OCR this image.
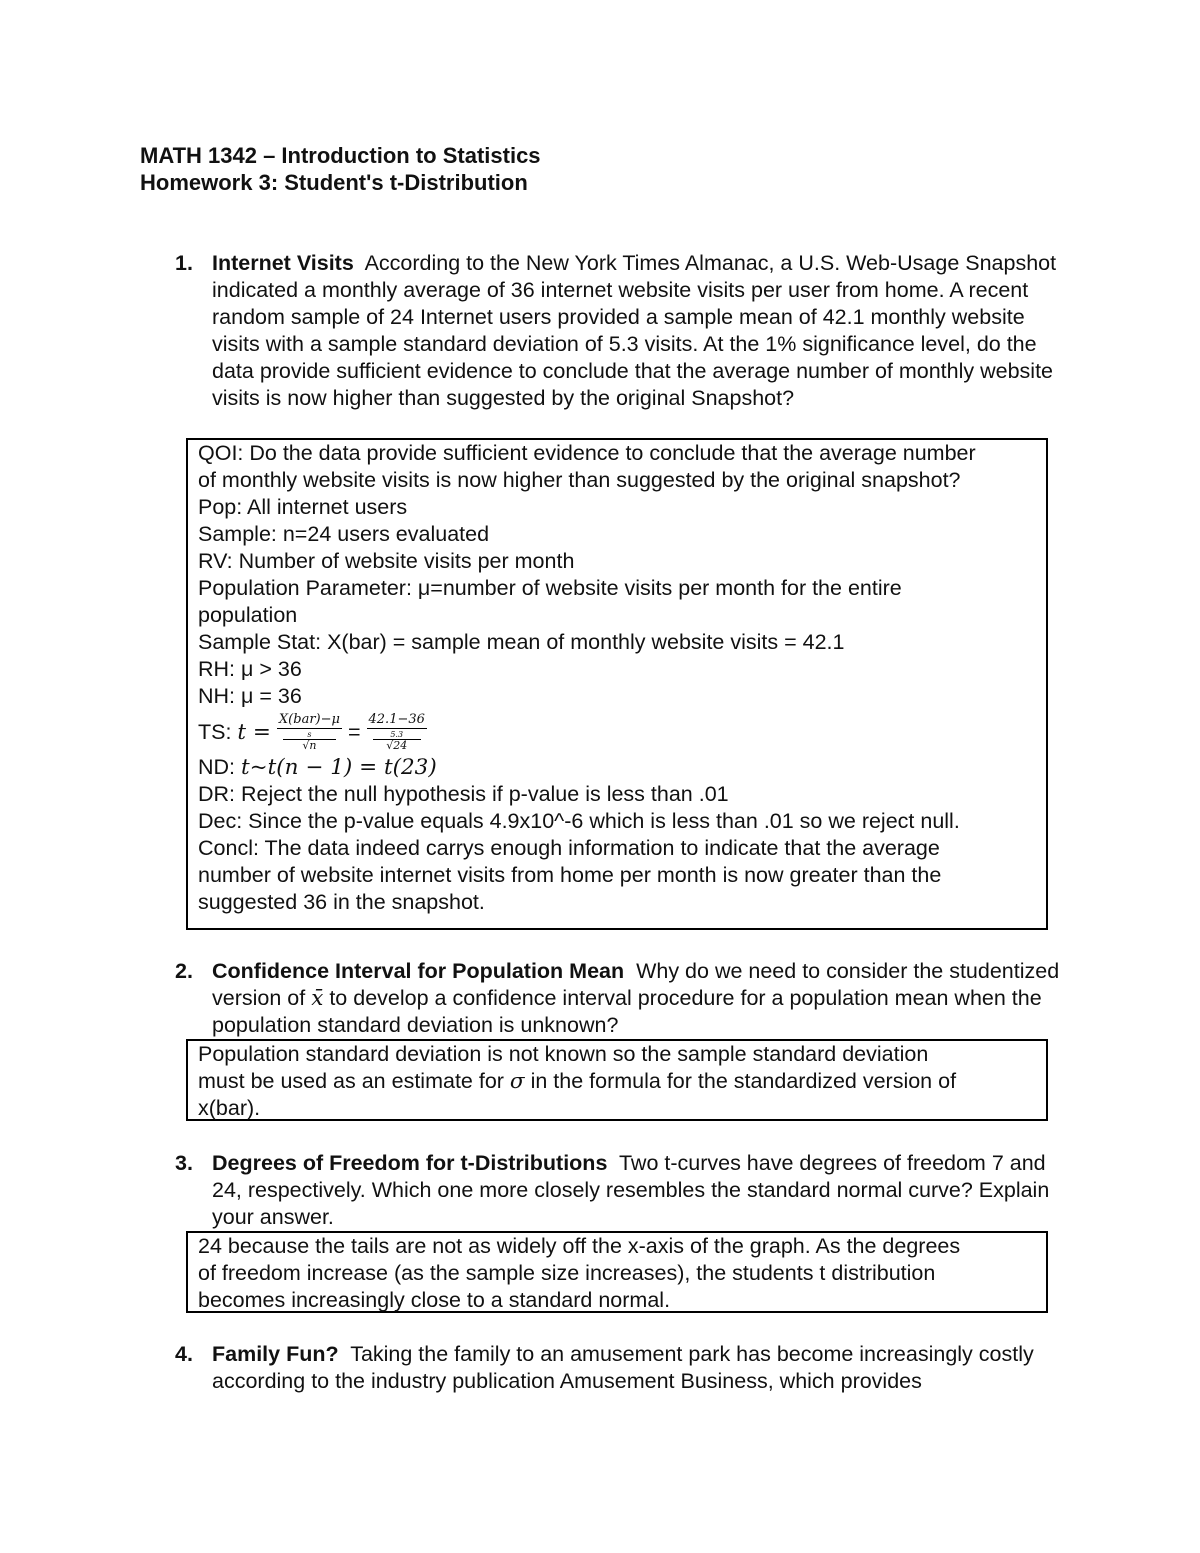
MATH 1342 – Introduction to Statistics
Homework 3: Student's t-Distribution
1. Internet Visits According to the New York Times Almanac, a U.S. Web-Usage Snapshot indicated a monthly average of 36 internet website visits per user from home. A recent random sample of 24 Internet users provided a sample mean of 42.1 monthly website visits with a sample standard deviation of 5.3 visits. At the 1% significance level, do the data provide sufficient evidence to conclude that the average number of monthly website visits is now higher than suggested by the original Snapshot?
QOI: Do the data provide sufficient evidence to conclude that the average number
of monthly website visits is now higher than suggested by the original snapshot?
Pop: All internet users
Sample: n=24 users evaluated
RV: Number of website visits per month
Population Parameter: μ=number of website visits per month for the entire
population
Sample Stat: X(bar) = sample mean of monthly website visits = 42.1
RH: μ > 36
NH: μ = 36
TS: t = X(bar)−μ
s
√n = 42.1−36
5.3
√24
ND: t~t(n − 1) = t(23)
DR: Reject the null hypothesis if p-value is less than .01
Dec: Since the p-value equals 4.9x10^-6 which is less than .01 so we reject null.
Concl: The data indeed carrys enough information to indicate that the average
number of website internet visits from home per month is now greater than the
suggested 36 in the snapshot.
2. Confidence Interval for Population Mean Why do we need to consider the studentized version of x̄ to develop a confidence interval procedure for a population mean when the population standard deviation is unknown?
Population standard deviation is not known so the sample standard deviation
must be used as an estimate for σ in the formula for the standardized version of
x(bar).
3. Degrees of Freedom for t-Distributions Two t-curves have degrees of freedom 7 and 24, respectively. Which one more closely resembles the standard normal curve? Explain your answer.
24 because the tails are not as widely off the x-axis of the graph. As the degrees
of freedom increase (as the sample size increases), the students t distribution
becomes increasingly close to a standard normal.
4. Family Fun? Taking the family to an amusement park has become increasingly costly according to the industry publication Amusement Business, which provides
